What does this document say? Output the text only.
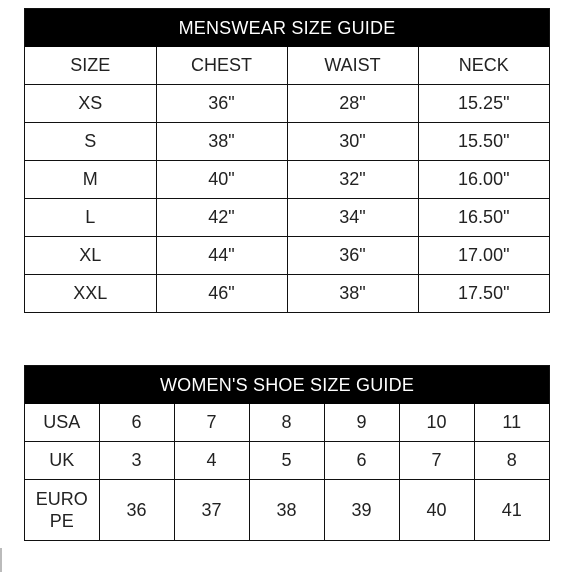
MENSWEAR SIZE GUIDE
SIZE	CHEST	WAIST	NECK
XS	36"	28"	15.25"
S	38"	30"	15.50"
M	40"	32"	16.00"
L	42"	34"	16.50"
XL	44"	36"	17.00"
XXL	46"	38"	17.50"
WOMEN'S SHOE SIZE GUIDE
USA	6	7	8	9	10	11
UK	3	4	5	6	7	8
EUROPE	36	37	38	39	40	41
